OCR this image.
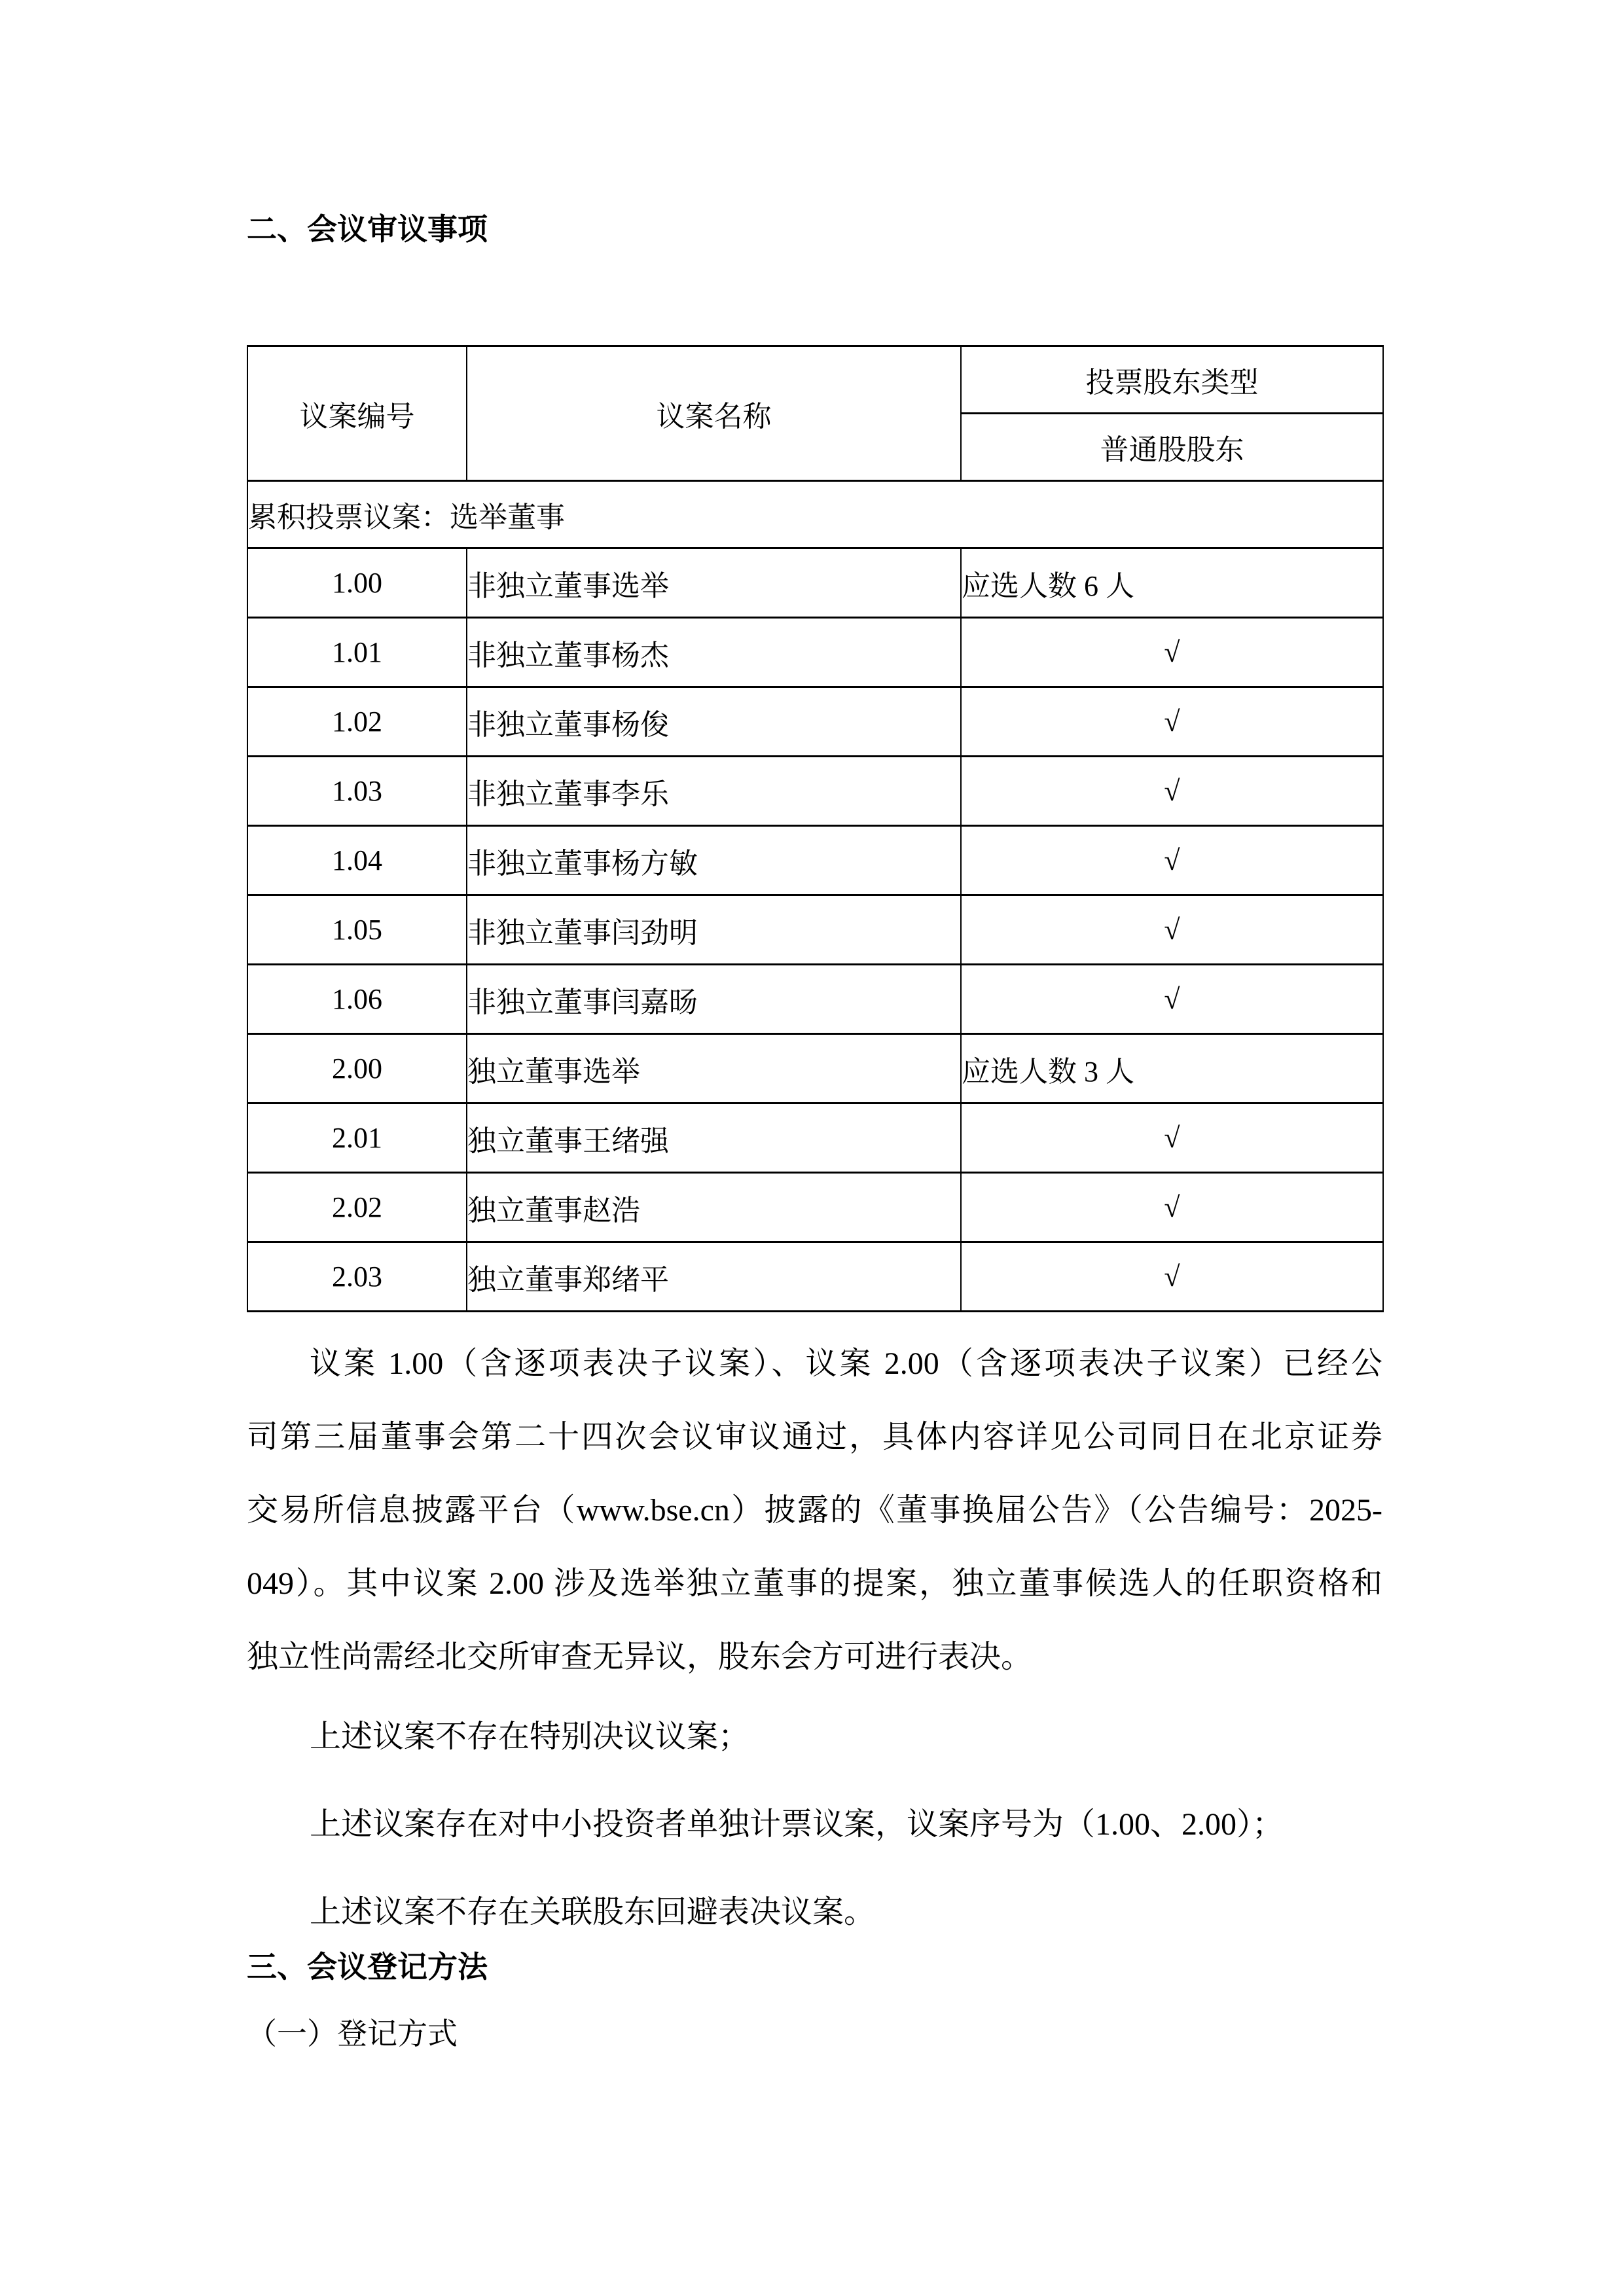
二、会议审议事项
议案编号	议案名称	投票股东类型
		普通股股东
累积投票议案：选举董事		
1.00	非独立董事选举	应选人数 6 人
1.01	非独立董事杨杰	√
1.02	非独立董事杨俊	√
1.03	非独立董事李乐	√
1.04	非独立董事杨方敏	√
1.05	非独立董事闫劲明	√
1.06	非独立董事闫嘉旸	√
2.00	独立董事选举	应选人数 3 人
2.01	独立董事王绪强	√
2.02	独立董事赵浩	√
2.03	独立董事郑绪平	√
议案 1.00（含逐项表决子议案）、议案 2.00（含逐项表决子议案）已经公
司第三届董事会第二十四次会议审议通过，具体内容详见公司同日在北京证券
交易所信息披露平台（www.bse.cn）披露的《董事换届公告》（公告编号：2025-
049）。其中议案 2.00 涉及选举独立董事的提案，独立董事候选人的任职资格和
独立性尚需经北交所审查无异议，股东会方可进行表决。
上述议案不存在特别决议议案；
上述议案存在对中小投资者单独计票议案，议案序号为（1.00、2.00）；
上述议案不存在关联股东回避表决议案。
三、会议登记方法
（一）登记方式
